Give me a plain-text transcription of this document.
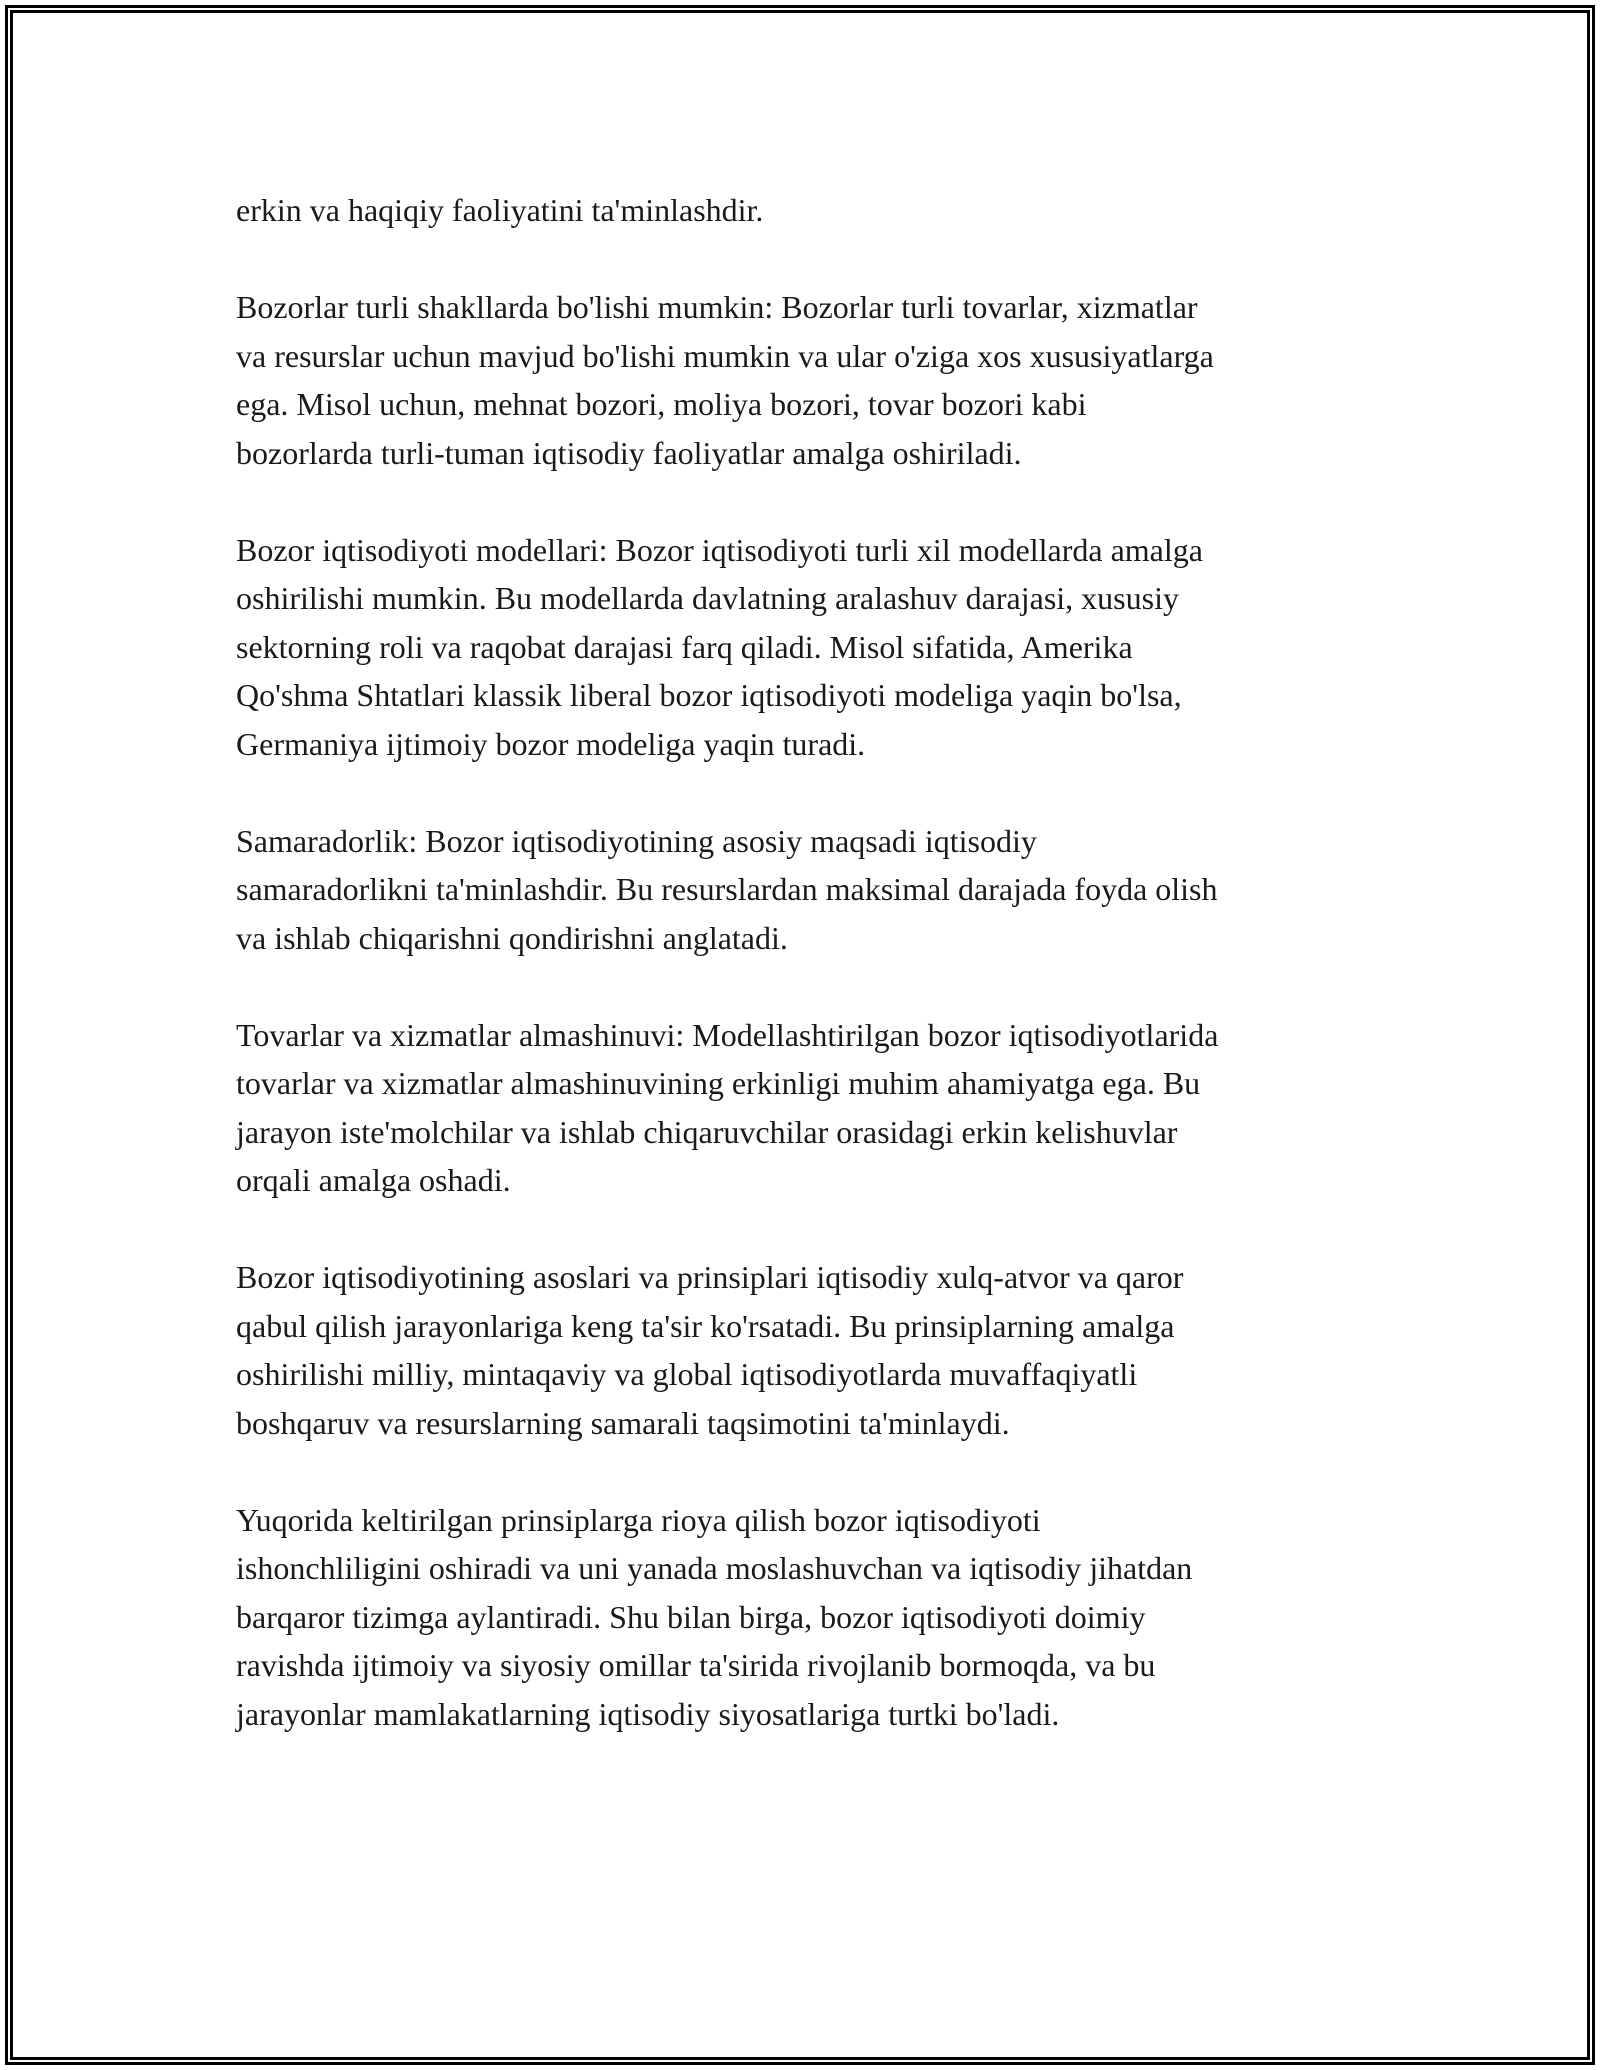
erkin va haqiqiy faoliyatini ta'minlashdir.

Bozorlar turli shakllarda bo'lishi mumkin: Bozorlar turli tovarlar, xizmatlar
va resurslar uchun mavjud bo'lishi mumkin va ular o'ziga xos xususiyatlarga
ega. Misol uchun, mehnat bozori, moliya bozori, tovar bozori kabi
bozorlarda turli-tuman iqtisodiy faoliyatlar amalga oshiriladi.

Bozor iqtisodiyoti modellari: Bozor iqtisodiyoti turli xil modellarda amalga
oshirilishi mumkin. Bu modellarda davlatning aralashuv darajasi, xususiy
sektorning roli va raqobat darajasi farq qiladi. Misol sifatida, Amerika
Qo'shma Shtatlari klassik liberal bozor iqtisodiyoti modeliga yaqin bo'lsa,
Germaniya ijtimoiy bozor modeliga yaqin turadi.

Samaradorlik: Bozor iqtisodiyotining asosiy maqsadi iqtisodiy
samaradorlikni ta'minlashdir. Bu resurslardan maksimal darajada foyda olish
va ishlab chiqarishni qondirishni anglatadi.

Tovarlar va xizmatlar almashinuvi: Modellashtirilgan bozor iqtisodiyotlarida
tovarlar va xizmatlar almashinuvining erkinligi muhim ahamiyatga ega. Bu
jarayon iste'molchilar va ishlab chiqaruvchilar orasidagi erkin kelishuvlar
orqali amalga oshadi.

Bozor iqtisodiyotining asoslari va prinsiplari iqtisodiy xulq-atvor va qaror
qabul qilish jarayonlariga keng ta'sir ko'rsatadi. Bu prinsiplarning amalga
oshirilishi milliy, mintaqaviy va global iqtisodiyotlarda muvaffaqiyatli
boshqaruv va resurslarning samarali taqsimotini ta'minlaydi.

Yuqorida keltirilgan prinsiplarga rioya qilish bozor iqtisodiyoti
ishonchliligini oshiradi va uni yanada moslashuvchan va iqtisodiy jihatdan
barqaror tizimga aylantiradi. Shu bilan birga, bozor iqtisodiyoti doimiy
ravishda ijtimoiy va siyosiy omillar ta'sirida rivojlanib bormoqda, va bu
jarayonlar mamlakatlarning iqtisodiy siyosatlariga turtki bo'ladi.
